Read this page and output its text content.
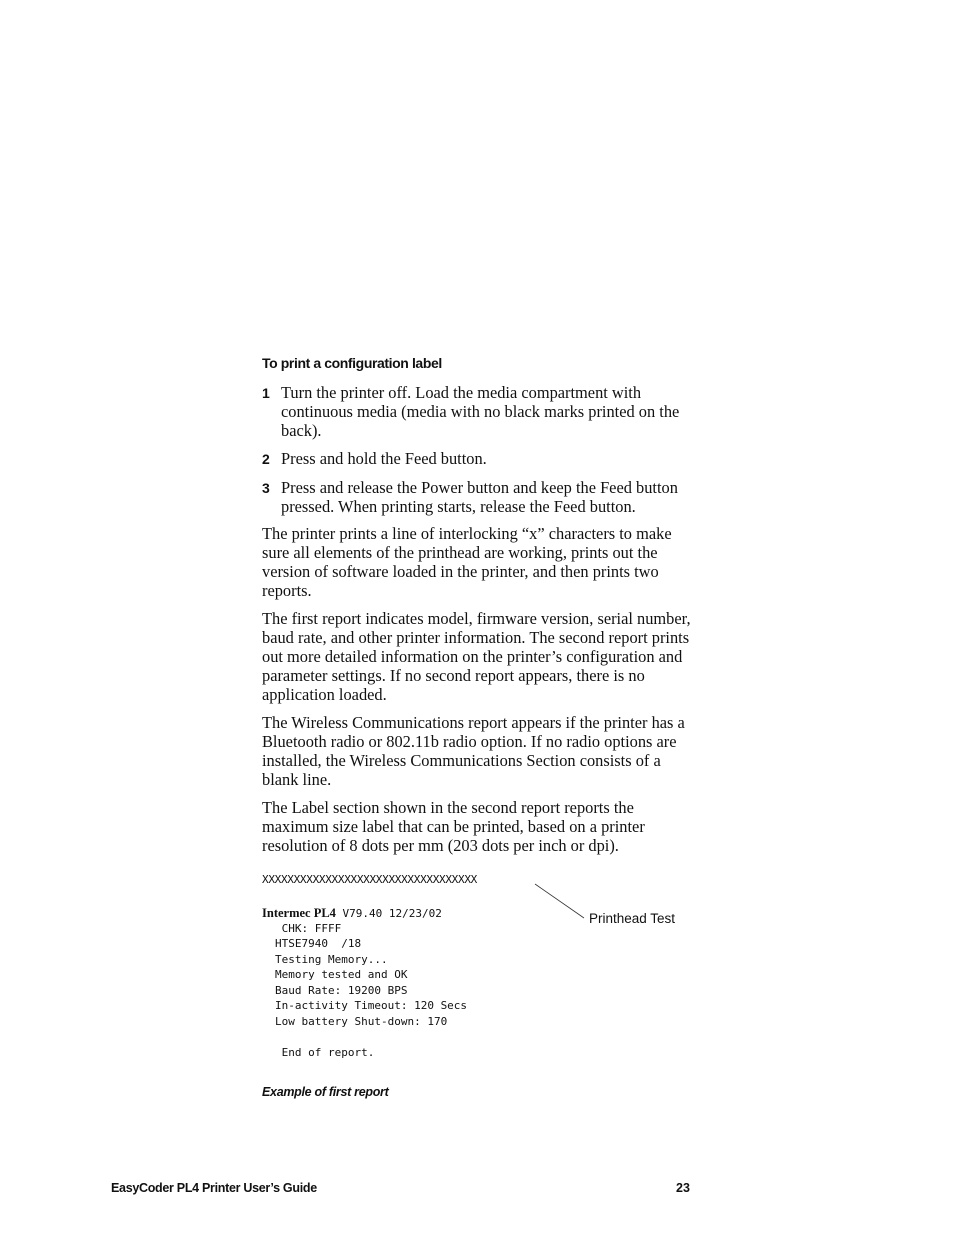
To print a configuration label
1 Turn the printer off. Load the media compartment with continuous media (media with no black marks printed on the back).
2 Press and hold the Feed button.
3 Press and release the Power button and keep the Feed button pressed. When printing starts, release the Feed button.

The printer prints a line of interlocking “x” characters to make sure all elements of the printhead are working, prints out the version of software loaded in the printer, and then prints two reports.

The first report indicates model, firmware version, serial number, baud rate, and other printer information. The second report prints out more detailed information on the printer’s configuration and parameter settings. If no second report appears, there is no application loaded.

The Wireless Communications report appears if the printer has a Bluetooth radio or 802.11b radio option. If no radio options are installed, the Wireless Communications Section consists of a blank line.

The Label section shown in the second report reports the maximum size label that can be printed, based on a printer resolution of 8 dots per mm (203 dots per inch or dpi).

XXXXXXXXXXXXXXXXXXXXXXXXXXXXXXXXXX
Printhead Test
Intermec PL4 V79.40 12/23/02
CHK: FFFF
HTSE7940  /18
Testing Memory...
Memory tested and OK
Baud Rate: 19200 BPS
In-activity Timeout: 120 Secs
Low battery Shut-down: 170
End of report.
Example of first report
EasyCoder PL4 Printer User’s Guide	23
